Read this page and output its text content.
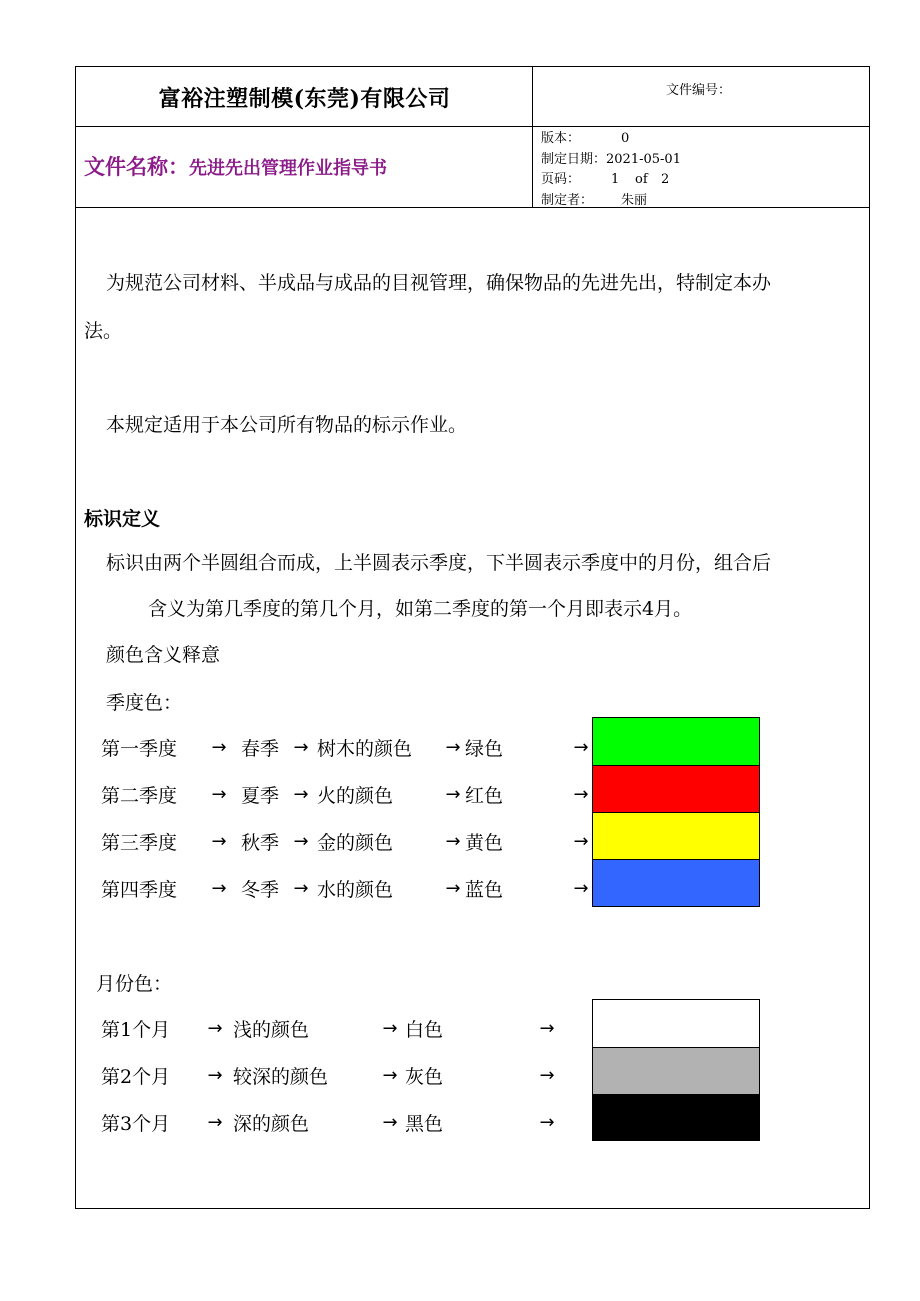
富裕注塑制模(东莞)有限公司	文件编号：
文件名称： 先进先出管理作业指导书
版本：	0
制定日期： 2021-05-01
页码：	1	of	2
制定者：	朱丽
为规范公司材料、半成品与成品的目视管理，确保物品的先进先出，特制定本办
法。
本规定适用于本公司所有物品的标示作业。
标识定义
标识由两个半圆组合而成，上半圆表示季度，下半圆表示季度中的月份，组合后
含义为第几季度的第几个月，如第二季度的第一个月即表示4月。
颜色含义释意
季度色：
第一季度	→ 春季 → 树木的颜色	→ 绿色	→
第二季度	→ 夏季 → 火的颜色	→ 红色	→
第三季度	→ 秋季 → 金的颜色	→ 黄色	→
第四季度	→ 冬季 → 水的颜色	→ 蓝色	→
月份色：
第1个月	→ 浅的颜色	→ 白色	→
第2个月	→ 较深的颜色	→ 灰色	→
第3个月	→ 深的颜色	→ 黑色	→
